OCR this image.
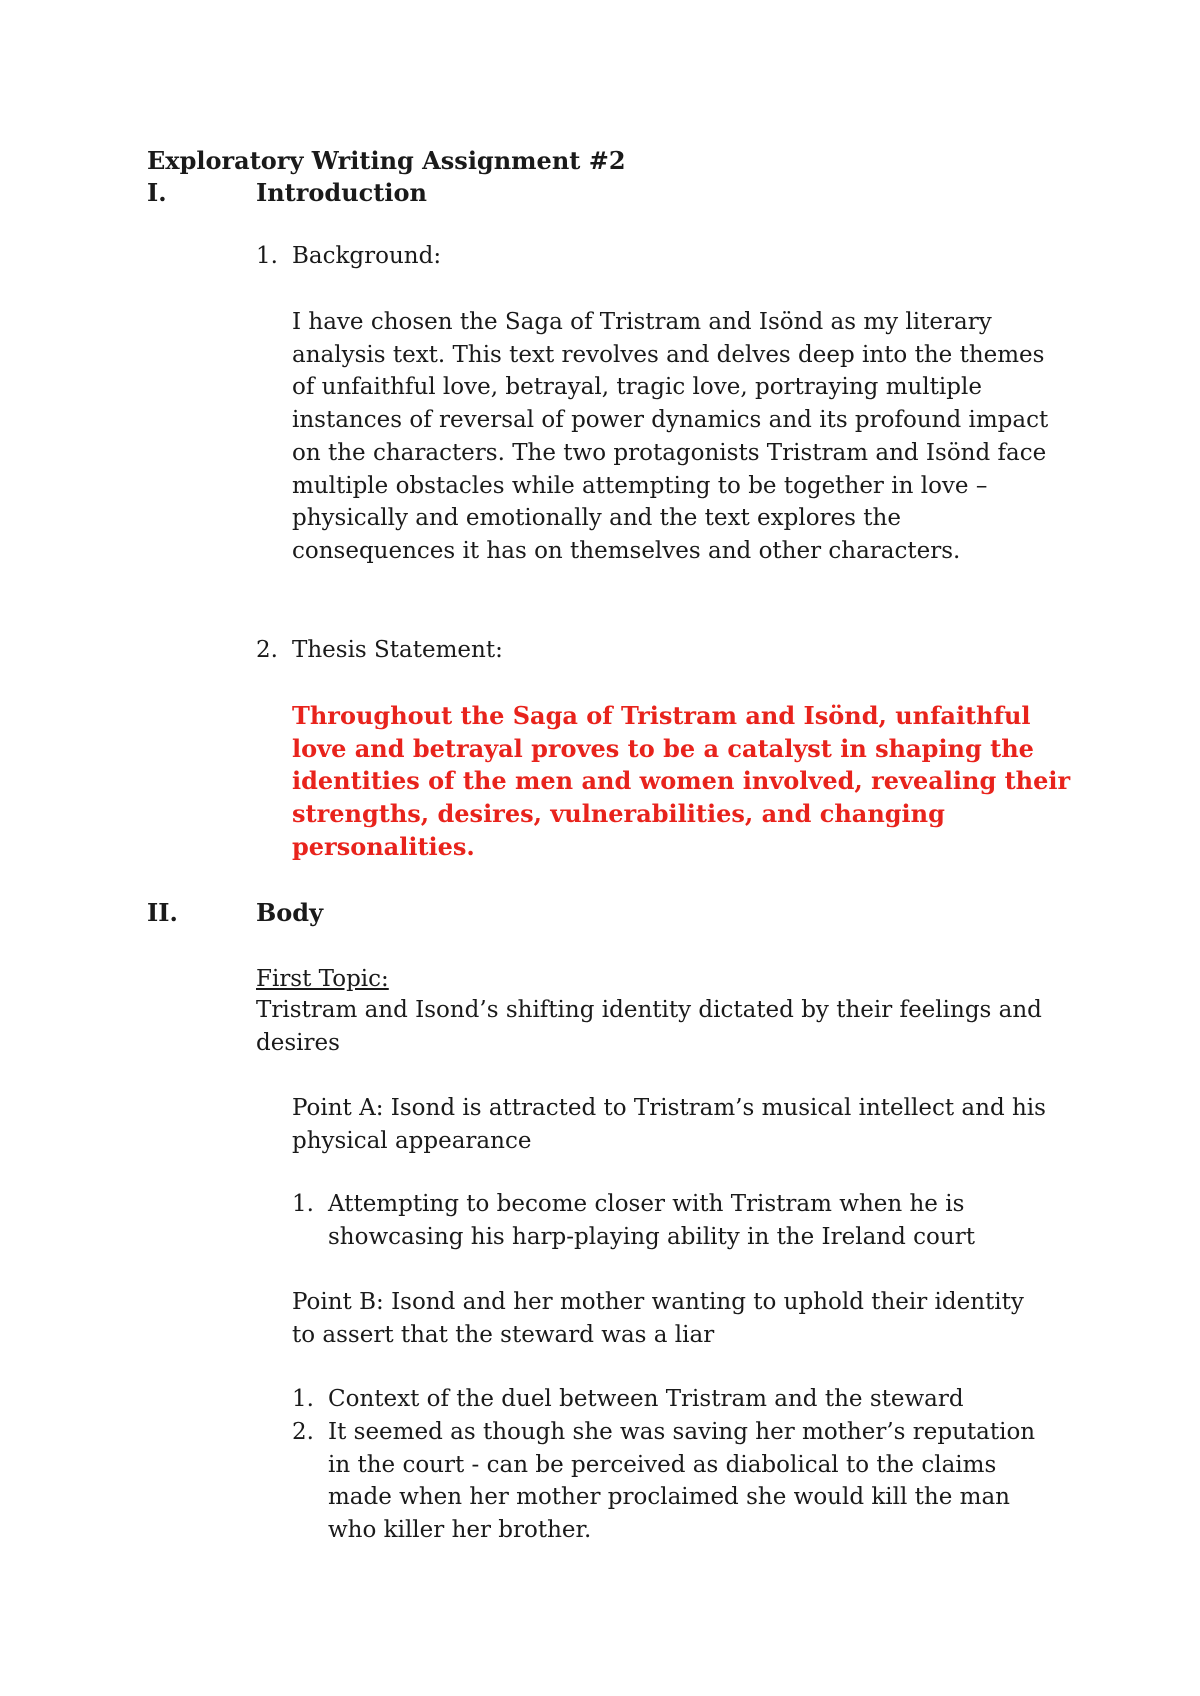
Exploratory Writing Assignment #2
I.	Introduction
1. Background:
I have chosen the Saga of Tristram and Isönd as my literary analysis text. This text revolves and delves deep into the themes of unfaithful love, betrayal, tragic love, portraying multiple instances of reversal of power dynamics and its profound impact on the characters. The two protagonists Tristram and Isönd face multiple obstacles while attempting to be together in love – physically and emotionally and the text explores the consequences it has on themselves and other characters.
2. Thesis Statement:
Throughout the Saga of Tristram and Isönd, unfaithful love and betrayal proves to be a catalyst in shaping the identities of the men and women involved, revealing their strengths, desires, vulnerabilities, and changing personalities.
II.	Body
First Topic:
Tristram and Isond’s shifting identity dictated by their feelings and desires
Point A: Isond is attracted to Tristram’s musical intellect and his physical appearance
1. Attempting to become closer with Tristram when he is showcasing his harp-playing ability in the Ireland court
Point B: Isond and her mother wanting to uphold their identity to assert that the steward was a liar
1. Context of the duel between Tristram and the steward
2. It seemed as though she was saving her mother’s reputation in the court - can be perceived as diabolical to the claims made when her mother proclaimed she would kill the man who killer her brother.
